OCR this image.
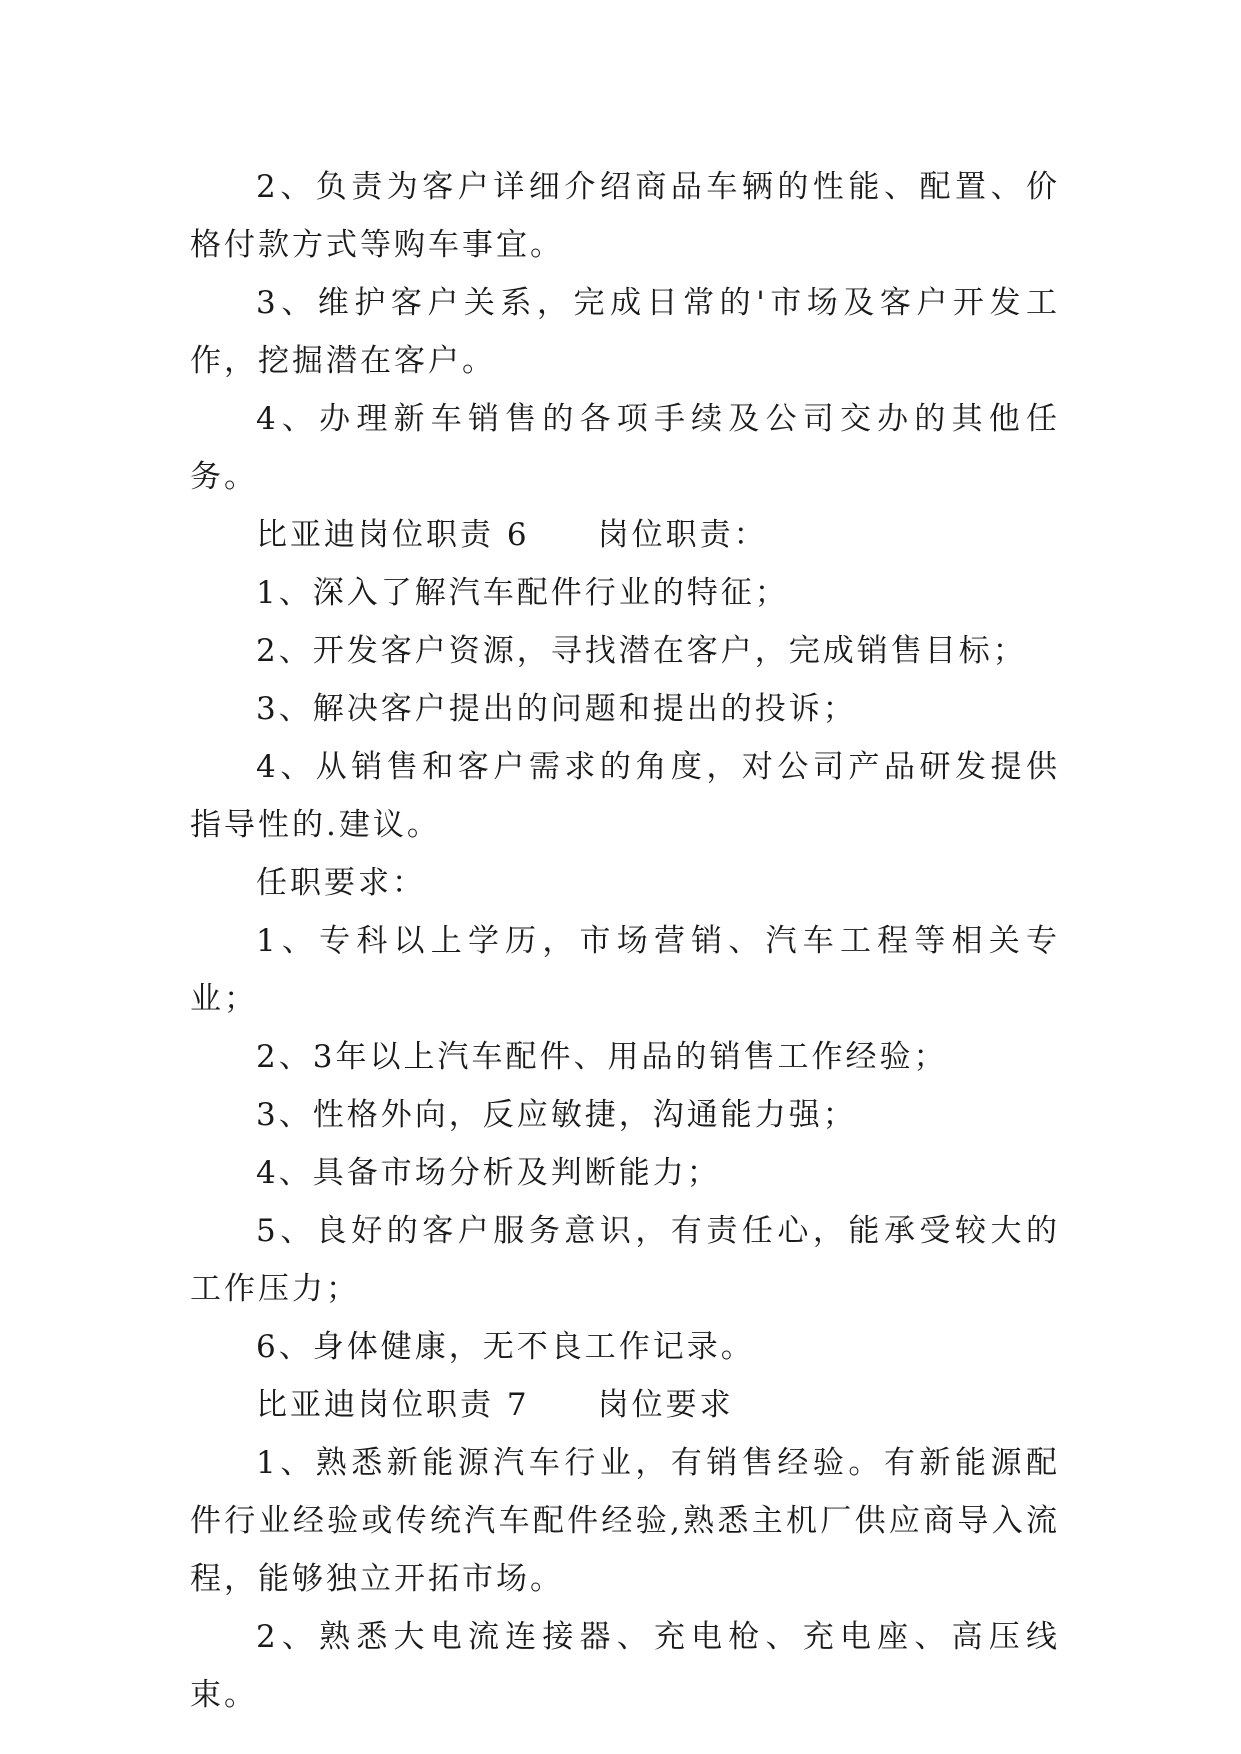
2、负责为客户详细介绍商品车辆的性能、配置、价格付款方式等购车事宜。

3、维护客户关系，完成日常的'市场及客户开发工作，挖掘潜在客户。

4、办理新车销售的各项手续及公司交办的其他任务。

比亚迪岗位职责 6　　岗位职责：

1、深入了解汽车配件行业的特征；

2、开发客户资源，寻找潜在客户，完成销售目标；

3、解决客户提出的问题和提出的投诉；

4、从销售和客户需求的角度，对公司产品研发提供指导性的.建议。

任职要求：

1、专科以上学历，市场营销、汽车工程等相关专业；

2、3年以上汽车配件、用品的销售工作经验；

3、性格外向，反应敏捷，沟通能力强；

4、具备市场分析及判断能力；

5、良好的客户服务意识，有责任心，能承受较大的工作压力；

6、身体健康，无不良工作记录。

比亚迪岗位职责 7　　岗位要求

1、熟悉新能源汽车行业，有销售经验。有新能源配件行业经验或传统汽车配件经验,熟悉主机厂供应商导入流程，能够独立开拓市场。

2、熟悉大电流连接器、充电枪、充电座、高压线束。
